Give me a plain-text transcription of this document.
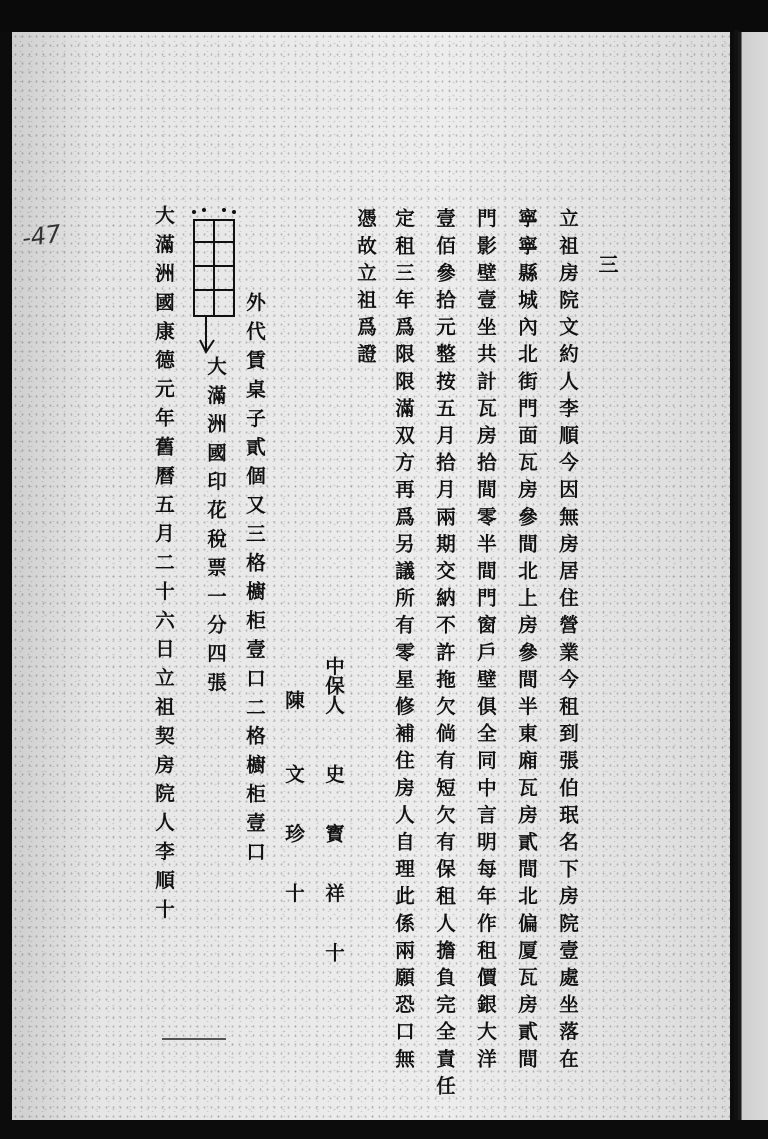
-47
三
立祖房院文約人李順今因無房居住營業今租到張伯珉名下房院壹處坐落在
寧寧縣城內北街門面瓦房參間北上房參間半東廂瓦房貳間北偏厦瓦房貳間
門影壁壹坐共計瓦房拾間零半間門窗戶壁俱全同中言明每年作租價銀大洋
壹佰參拾元整按五月拾月兩期交納不許拖欠倘有短欠有保租人擔負完全責任
定租三年爲限限滿双方再爲另議所有零星修補住房人自理此係兩願恐口無
憑故立祖爲證
中保人
史寳祥十
陳
文珍十
外代賃桌子貳個又三格櫥柜壹口二格櫥柜壹口
大滿洲國印花稅票一分四張
大滿洲國康德元年舊曆五月二十六日立祖契房院人李順十
